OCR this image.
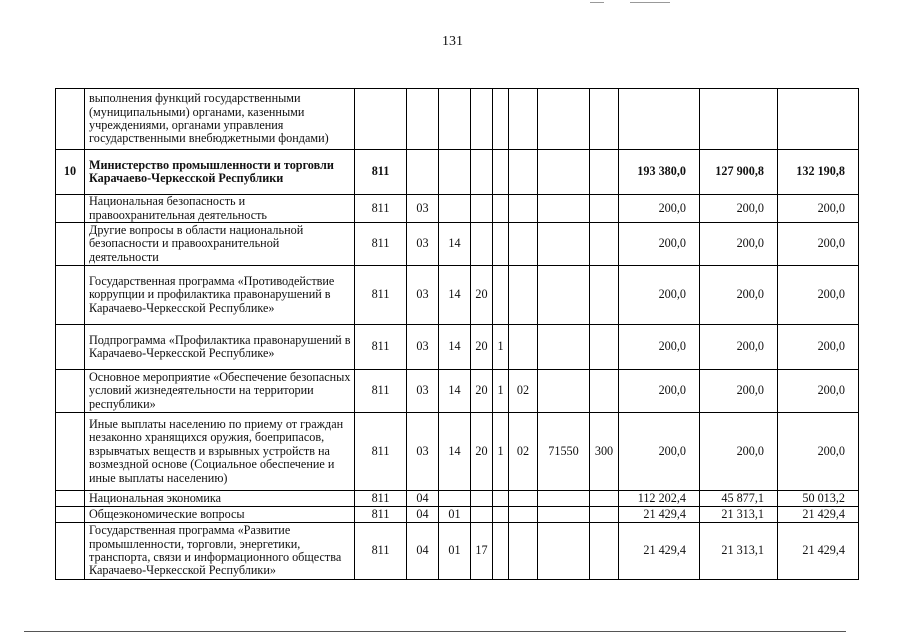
131
	выполнения функций государственными (муниципальными) органами, казенными учреждениями, органами управления государственными внебюджетными фондами)											
10	Министерство промышленности и торговли Карачаево-Черкесской Республики	811								193 380,0	127 900,8	132 190,8
	Национальная безопасность и правоохранительная деятельность	811	03							200,0	200,0	200,0
	Другие вопросы в области национальной безопасности и правоохранительной деятельности	811	03	14						200,0	200,0	200,0
	Государственная программа «Противодействие коррупции и профилактика правонарушений в Карачаево-Черкесской Республике»	811	03	14	20					200,0	200,0	200,0
	Подпрограмма «Профилактика правонарушений в Карачаево-Черкесской Республике»	811	03	14	20	1				200,0	200,0	200,0
	Основное мероприятие «Обеспечение безопасных условий жизнедеятельности на территории республики»	811	03	14	20	1	02			200,0	200,0	200,0
	Иные выплаты населению по приему от граждан незаконно хранящихся оружия, боеприпасов, взрывчатых веществ и взрывных устройств на возмездной основе (Социальное обеспечение и иные выплаты населению)	811	03	14	20	1	02	71550	300	200,0	200,0	200,0
	Национальная экономика	811	04							112 202,4	45 877,1	50 013,2
	Общеэкономические вопросы	811	04	01						21 429,4	21 313,1	21 429,4
	Государственная программа «Развитие промышленности, торговли, энергетики, транспорта, связи и информационного общества Карачаево-Черкесской Республики»	811	04	01	17					21 429,4	21 313,1	21 429,4
